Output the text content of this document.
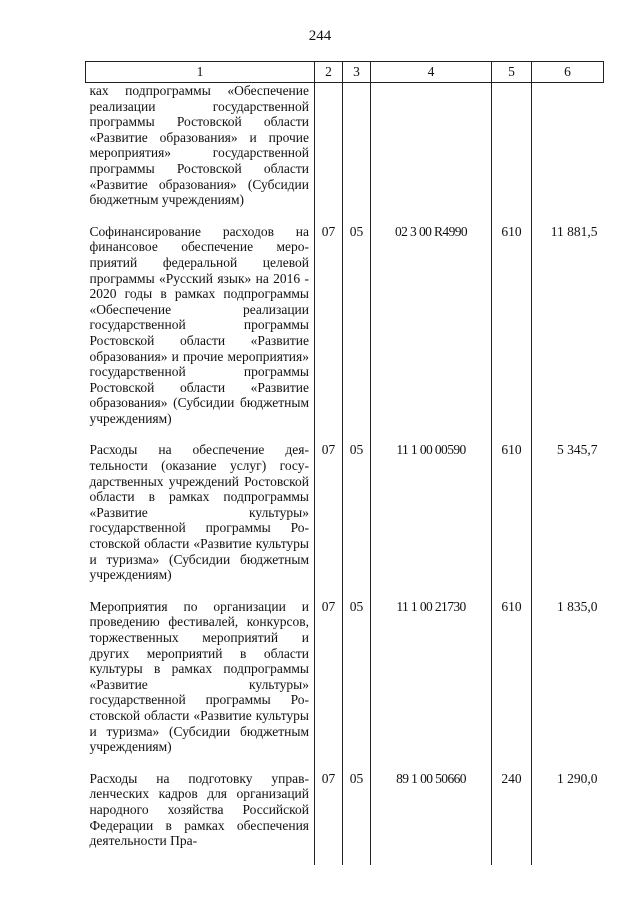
244
1	2	3	4	5	6
ках подпрограммы «Обеспечение реализации государственной программы Ростовской области «Развитие образования» и прочие мероприятия» государственной программы Ростовской области «Развитие образования» (Субсидии бюджетным учреждениям)					
Софинансирование расходов на финансовое обеспечение мероприятий федеральной целевой программы «Русский язык» на 2016 - 2020 годы в рамках подпрограммы «Обеспечение реализации государственной программы Ростовской области «Развитие образования» и прочие мероприятия» государственной программы Ростовской области «Развитие образования» (Субсидии бюджетным учреждениям)	07	05	02 3 00 R4990	610	11 881,5
Расходы на обеспечение деятельности (оказание услуг) государственных учреждений Ростовской области в рамках подпрограммы «Развитие культуры» государственной программы Ростовской области «Развитие культуры и туризма» (Субсидии бюджетным учреждениям)	07	05	11 1 00 00590	610	5 345,7
Мероприятия по организации и проведению фестивалей, конкурсов, торжественных мероприятий и других мероприятий в области культуры в рамках подпрограммы «Развитие культуры» государственной программы Ростовской области «Развитие культуры и туризма» (Субсидии бюджетным учреждениям)	07	05	11 1 00 21730	610	1 835,0
Расходы на подготовку управленческих кадров для организаций народного хозяйства Российской Федерации в рамках обеспечения деятельности Пра-	07	05	89 1 00 50660	240	1 290,0
